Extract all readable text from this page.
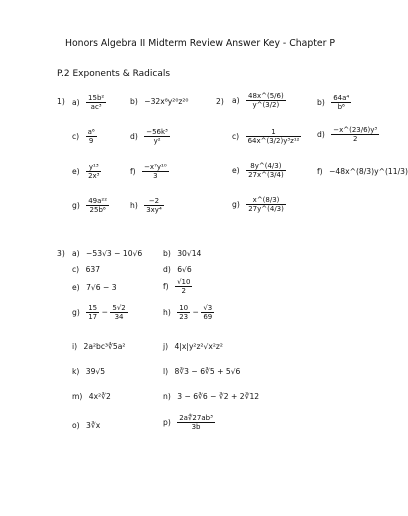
Honors Algebra II Midterm Review Answer Key - Chapter P
P.2 Exponents & Radicals
1) $a) \frac{\text{15b²}}{\text{ac³}}$	b) −32x⁸y²⁰z²⁰
$c) \frac{\text{a⁶}}{9}$	$d) \frac{\text{−56k³}}{\text{y²}}$
$e) \frac{\text{y¹³}}{\text{2x³}}$	$f) \frac{\text{−x⁷y¹⁰}}{3}$
$g) \frac{\text{49a²²}}{\text{25b⁶}}$	$h) \frac{-2}{\text{3xy⁴}}$
2) $a) \frac{48x\^{}(5/6)}{y\^{}(3/2)}$	$b) \frac{\text{64a⁴}}{\text{b⁶}}$
$c) \frac{1}{\text{64x\textasciicircum{}(3/2)y³z¹²}} d) \frac{\text{−x\textasciicircum{}(23/6)y³}}{2}$
$e) \frac{8y\^{}(4/3)}{27x\^{}(3/4)}$	f) −48x^(8/3)y^(11/3)
$g) \frac{x\^{}(8/3)}{27y\^{}(4/3)}$
3) a) −53√3 − 10√6	b) 30√14
c) 637	d) 6√6
e) 7√6 − 3	$f) \frac{√10}{2}$
$g) \frac{15}{17} - \frac{5√2}{34}$	$h) \frac{10}{23} - \frac{√3}{69}$
i) 2a²bc³∜5a²	j) 4|x|y²z²√x²z²
k) 39√5	l) 8∛3 − 6∛5 + 5√6
m) 4x²∛2	n) 3 − 6∛6 − ∛2 + 2∛12
o) 3∛x	$p) \frac{\text{2a∜27ab³}}{3b}$
